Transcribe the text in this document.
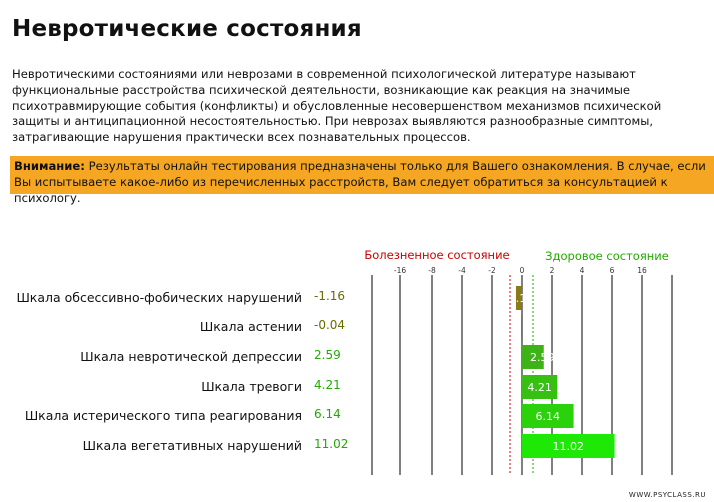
Невротические состояния
Невротическими состояниями или неврозами в современной психологической литературе называют функциональные расстройства психической деятельности, возникающие как реакция на значимые психотравмирующие события (конфликты) и обусловленные несовершенством механизмов психической защиты и антиципационной несостоятельностью. При неврозах выявляются разнообразные симптомы, затрагивающие нарушения практически всех познавательных процессов.
Внимание: Результаты онлайн тестирования предназначены только для Вашего ознакомления. В случае, если Вы испытываете какое-либо из перечисленных расстройств, Вам следует обратиться за консультацией к психологу.
Болезненное состояние	Здоровое состояние
-16	-8	-4	-2	0	2	4	6	16
Шкала обсессивно-фобических нарушений -1.16	-1.16
Шкала астении -0.04
Шкала невротической депрессии 2.59	2.59
Шкала тревоги 4.21	4.21
Шкала истерического типа реагирования 6.14	6.14
Шкала вегетативных нарушений 11.02	11.02
WWW.PSYCLASS.RU
